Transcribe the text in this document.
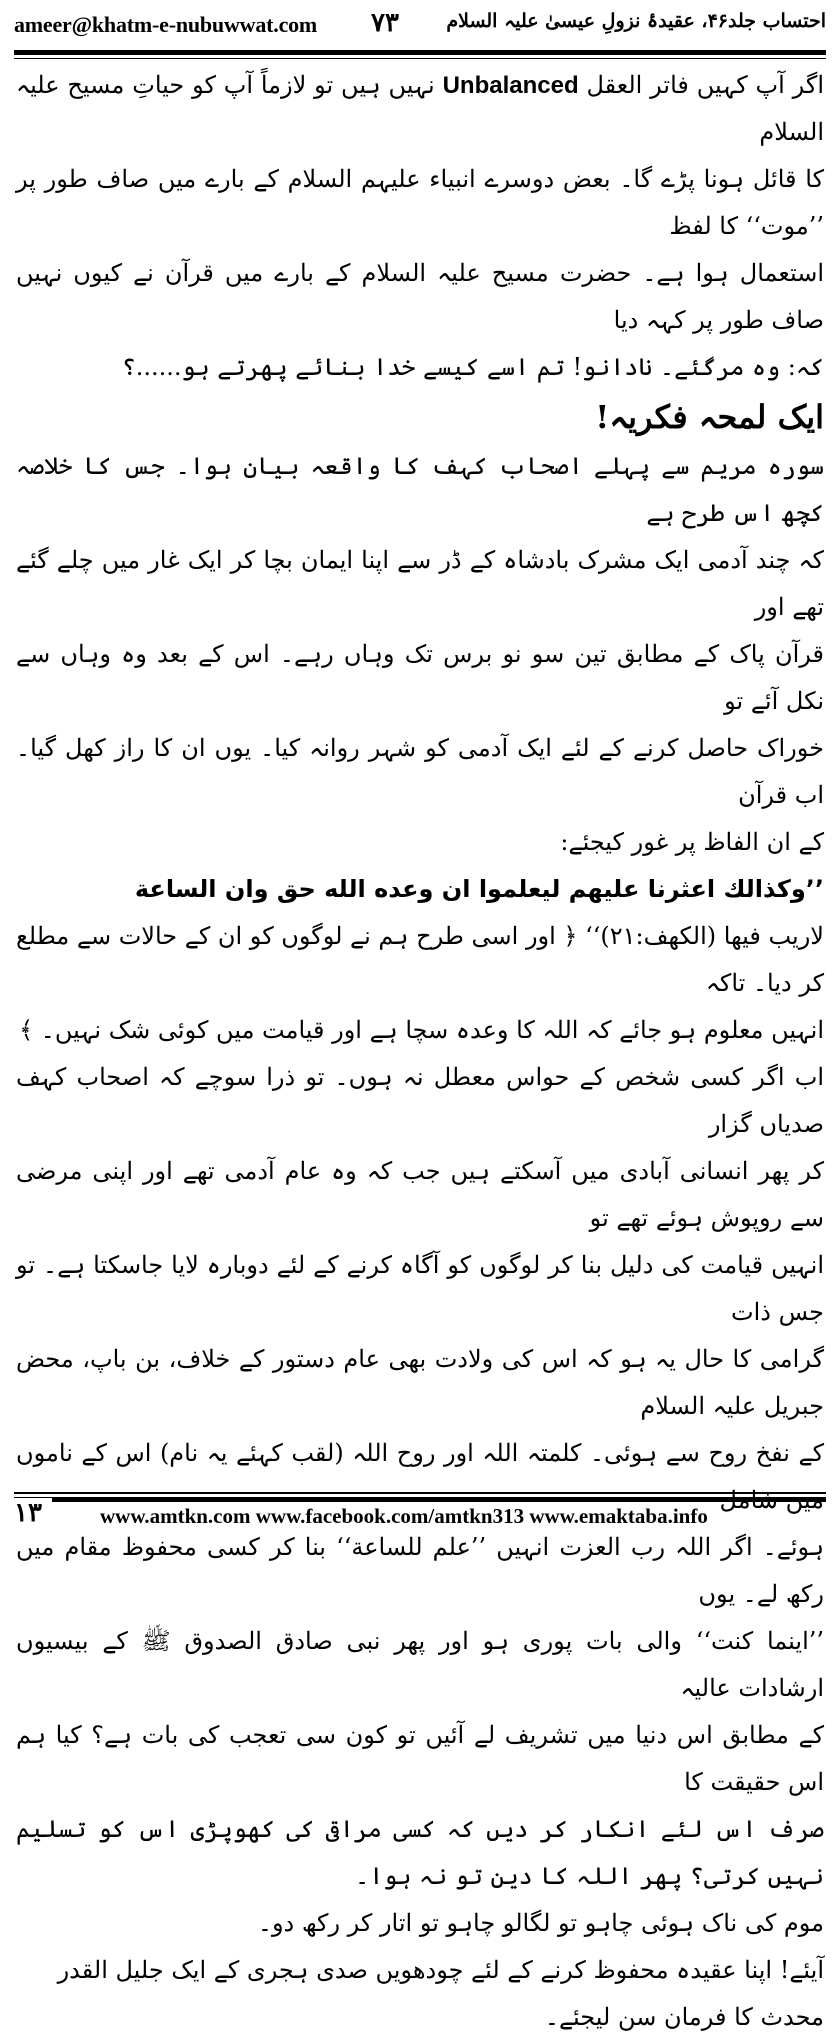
ameer@khatm-e-nubuwwat.com ۷۳ احتساب جلد۴۶، عقیدۂ نزولِ عیسیٰ علیہ السلام

اگر آپ کہیں فاتر العقل Unbalanced نہیں ہیں تو لازماً آپ کو حیاتِ مسیح علیہ السلام

کا قائل ہونا پڑے گا۔ بعض دوسرے انبیاء علیہم السلام کے بارے میں صاف طور پر ’’موت‘‘ کا لفظ

استعمال ہوا ہے۔ حضرت مسیح علیہ السلام کے بارے میں قرآن نے کیوں نہیں صاف طور پر کہہ دیا

کہ: وہ مرگئے۔ نادانو! تم اسے کیسے خدا بنائے پھرتے ہو......؟

ایک لمحہ فکریہ!

سورہ مریم سے پہلے اصحاب کہف کا واقعہ بیان ہوا۔ جس کا خلاصہ کچھ اس طرح ہے

کہ چند آدمی ایک مشرک بادشاہ کے ڈر سے اپنا ایمان بچا کر ایک غار میں چلے گئے تھے اور

قرآن پاک کے مطابق تین سو نو برس تک وہاں رہے۔ اس کے بعد وہ وہاں سے نکل آئے تو

خوراک حاصل کرنے کے لئے ایک آدمی کو شہر روانہ کیا۔ یوں ان کا راز کھل گیا۔ اب قرآن

کے ان الفاظ پر غور کیجئے:

’’وکذالك اعثرنا علیهم لیعلموا ان وعده الله حق وان الساعة

لاریب فیها (الکهف:۲۱)‘‘ ﴿ اور اسی طرح ہم نے لوگوں کو ان کے حالات سے مطلع کر دیا۔ تاکہ

انہیں معلوم ہو جائے کہ اللہ کا وعدہ سچا ہے اور قیامت میں کوئی شک نہیں۔ ﴾

اب اگر کسی شخص کے حواس معطل نہ ہوں۔ تو ذرا سوچے کہ اصحاب کہف صدیاں گزار

کر پھر انسانی آبادی میں آسکتے ہیں جب کہ وہ عام آدمی تھے اور اپنی مرضی سے روپوش ہوئے تھے تو

انہیں قیامت کی دلیل بنا کر لوگوں کو آگاہ کرنے کے لئے دوبارہ لایا جاسکتا ہے۔ تو جس ذات

گرامی کا حال یہ ہو کہ اس کی ولادت بھی عام دستور کے خلاف، بن باپ، محض جبریل علیہ السلام

کے نفخ روح سے ہوئی۔ کلمتہ اللہ اور روح اللہ (لقب کہئے یہ نام) اس کے ناموں

ہوئے۔ اگر اللہ رب العزت انہیں ’’علم للساعة‘‘ بنا کر کسی محفوظ مقام میں رکھ لے۔ یوں

’’اینما کنت‘‘ والی بات پوری ہو اور پھر نبی صادق الصدوق ﷺ کے بیسیوں ارشادات عالیہ

کے مطابق اس دنیا میں تشریف لے آئیں تو کون سی تعجب کی بات ہے؟ کیا ہم اس حقیقت کا

صرف اس لئے انکار کر دیں کہ کسی مراقی کی کھوپڑی اس کو تسلیم نہیں کرتی؟ پھر اللہ کا دین تو نہ ہوا۔

موم کی ناک ہوئی چاہو تو لگالو چاہو تو اتار کر رکھ دو۔

آیئے! اپنا عقیدہ محفوظ کرنے کے لئے چودھویں صدی ہجری کے ایک جلیل القدر

محدث کا فرمان سن لیجئے۔

۱۳	www.amtkn.com www.facebook.com/amtkn313 www.emaktaba.info
